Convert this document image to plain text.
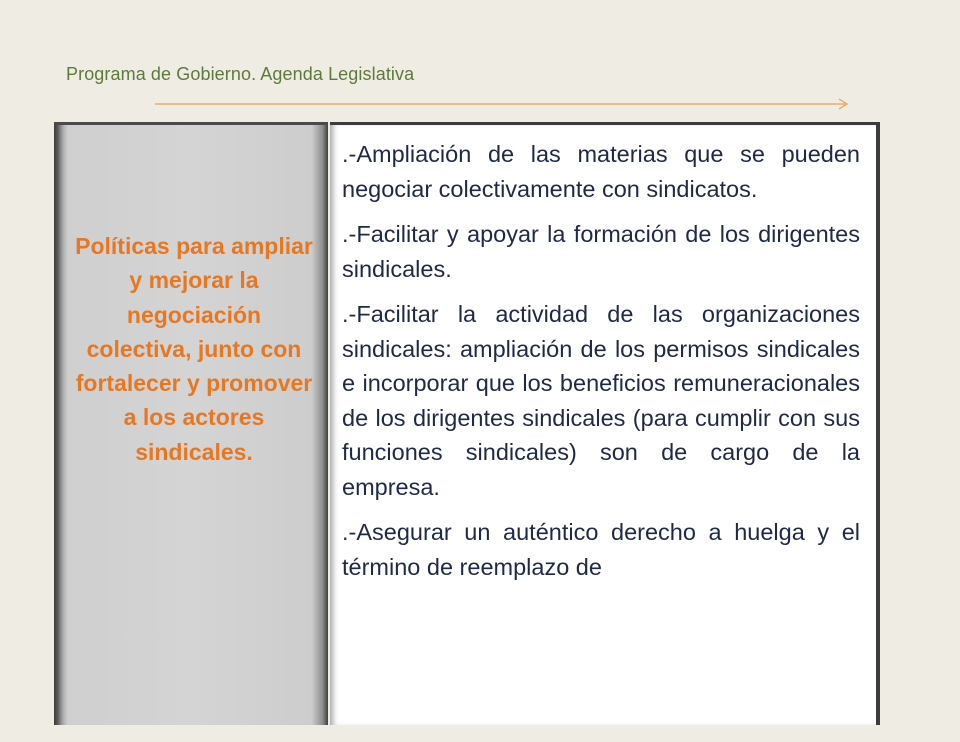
Programa de Gobierno. Agenda Legislativa
Políticas para ampliar y mejorar la negociación colectiva, junto con fortalecer y promover a los actores sindicales.

.-Ampliación de las materias que se pueden negociar colectivamente con sindicatos.

.-Facilitar y apoyar la formación de los dirigentes sindicales.

.-Facilitar la actividad de las organizaciones sindicales: ampliación de los permisos sindicales e incorporar que los beneficios remuneracionales de los dirigentes sindicales (para cumplir con sus funciones sindicales) son de cargo de la empresa.

.-Asegurar un auténtico derecho a huelga y el término de reemplazo de
